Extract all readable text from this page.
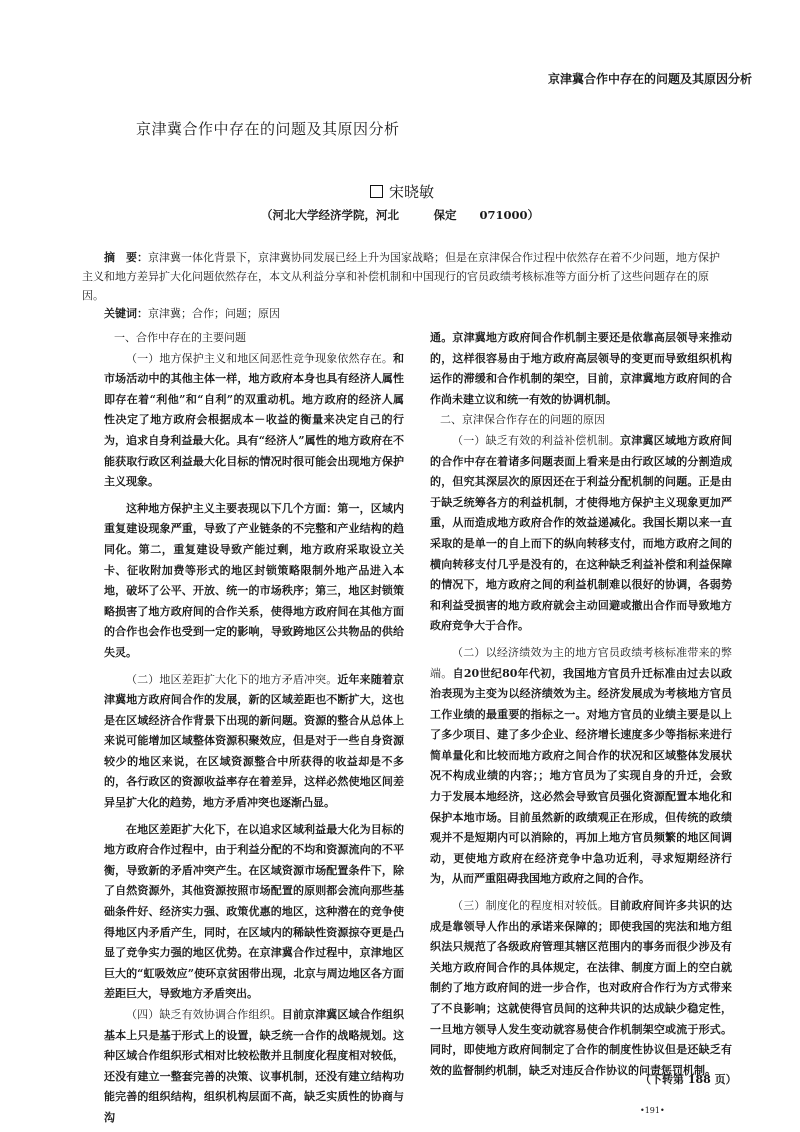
京津冀合作中存在的问题及其原因分析
京津冀合作中存在的问题及其原因分析
宋晓敏
（河北大学经济学院，河北　　　保定　　071000）
摘　要：京津冀一体化背景下，京津冀协同发展已经上升为国家战略；但是在京津保合作过程中依然存在着不少问题，地方保护主义和地方差异扩大化问题依然存在，本文从利益分享和补偿机制和中国现行的官员政绩考核标准等方面分析了这些问题存在的原因。
关键词：京津冀；合作；问题；原因
一、合作中存在的主要问题

（一）地方保护主义和地区间恶性竞争现象依然存在。和市场活动中的其他主体一样，地方政府本身也具有经济人属性即存在着“利他”和“自利”的双重动机。地方政府的经济人属性决定了地方政府会根据成本－收益的衡量来决定自己的行为，追求自身利益最大化。具有“经济人”属性的地方政府在不能获取行政区利益最大化目标的情况时很可能会出现地方保护主义现象。

这种地方保护主义主要表现以下几个方面：第一，区域内重复建设现象严重，导致了产业链条的不完整和产业结构的趋同化。第二，重复建设导致产能过剩，地方政府采取设立关卡、征收附加费等形式的地区封锁策略限制外地产品进入本地，破坏了公平、开放、统一的市场秩序；第三，地区封锁策略损害了地方政府间的合作关系，使得地方政府间在其他方面的合作也会作也受到一定的影响，导致跨地区公共物品的供给失灵。

（二）地区差距扩大化下的地方矛盾冲突。近年来随着京津冀地方政府间合作的发展，新的区域差距也不断扩大，这也是在区域经济合作背景下出现的新问题。资源的整合从总体上来说可能增加区域整体资源积聚效应，但是对于一些自身资源较少的地区来说，在区域资源整合中所获得的收益却是不多的，各行政区的资源收益率存在着差异，这样必然使地区间差异呈扩大化的趋势，地方矛盾冲突也逐渐凸显。

在地区差距扩大化下，在以追求区域利益最大化为目标的地方政府合作过程中，由于利益分配的不均和资源流向的不平衡，导致新的矛盾冲突产生。在区域资源市场配置条件下，除了自然资源外，其他资源按照市场配置的原则都会流向那些基础条件好、经济实力强、政策优惠的地区，这种潜在的竞争使得地区内矛盾产生，同时，在区域内的稀缺性资源掠夺更是凸显了竞争实力强的地区优势。在京津冀合作过程中，京津地区巨大的“虹吸效应”使环京贫困带出现，北京与周边地区各方面差距巨大，导致地方矛盾突出。

（四）缺乏有效协调合作组织。目前京津冀区域合作组织基本上只是基于形式上的设置，缺乏统一合作的战略规划。这种区域合作组织形式相对比较松散并且制度化程度相对较低，还没有建立一整套完善的决策、议事机制，还没有建立结构功能完善的组织结构，组织机构层面不高，缺乏实质性的协商与沟

通。京津冀地方政府间合作机制主要还是依靠高层领导来推动的，这样很容易由于地方政府高层领导的变更而导致组织机构运作的滞缓和合作机制的架空，目前，京津冀地方政府间的合作尚未建立议和统一有效的协调机制。

二、京津保合作存在的问题的原因

（一）缺乏有效的利益补偿机制。京津冀区域地方政府间的合作中存在着诸多问题表面上看来是由行政区域的分割造成的，但究其深层次的原因还在于利益分配机制的问题。正是由于缺乏统筹各方的利益机制，才使得地方保护主义现象更加严重，从而造成地方政府合作的效益递减化。我国长期以来一直采取的是单一的自上而下的纵向转移支付，而地方政府之间的横向转移支付几乎是没有的，在这种缺乏利益补偿和利益保障的情况下，地方政府之间的利益机制难以很好的协调，各弱势和利益受损害的地方政府就会主动回避或撤出合作而导致地方政府竞争大于合作。

（二）以经济绩效为主的地方官员政绩考核标准带来的弊端。自20世纪80年代初，我国地方官员升迁标准由过去以政治表现为主变为以经济绩效为主。经济发展成为考核地方官员工作业绩的最重要的指标之一。对地方官员的业绩主要是以上了多少项目、建了多少企业、经济增长速度多少等指标来进行简单量化和比较而地方政府之间合作的状况和区域整体发展状况不构成业绩的内容；；地方官员为了实现自身的升迁，会致力于发展本地经济，这必然会导致官员强化资源配置本地化和保护本地市场。目前虽然新的政绩观正在形成，但传统的政绩观并不是短期内可以消除的，再加上地方官员频繁的地区间调动，更使地方政府在经济竞争中急功近利，寻求短期经济行为，从而严重阻碍我国地方政府之间的合作。

（三）制度化的程度相对较低。目前政府间许多共识的达成是靠领导人作出的承诺来保障的；即使我国的宪法和地方组织法只规范了各级政府管理其辖区范围内的事务而很少涉及有关地方政府间合作的具体规定，在法律、制度方面上的空白就制约了地方政府间的进一步合作，也对政府合作行为方式带来了不良影响；这就使得官员间的这种共识的达成缺少稳定性，一旦地方领导人发生变动就容易使合作机制架空或流于形式。同时，即使地方政府间制定了合作的制度性协议但是还缺乏有效的监督制约机制，缺乏对违反合作协议的问责惩罚机制。

（下转第 188 页）
•191•
